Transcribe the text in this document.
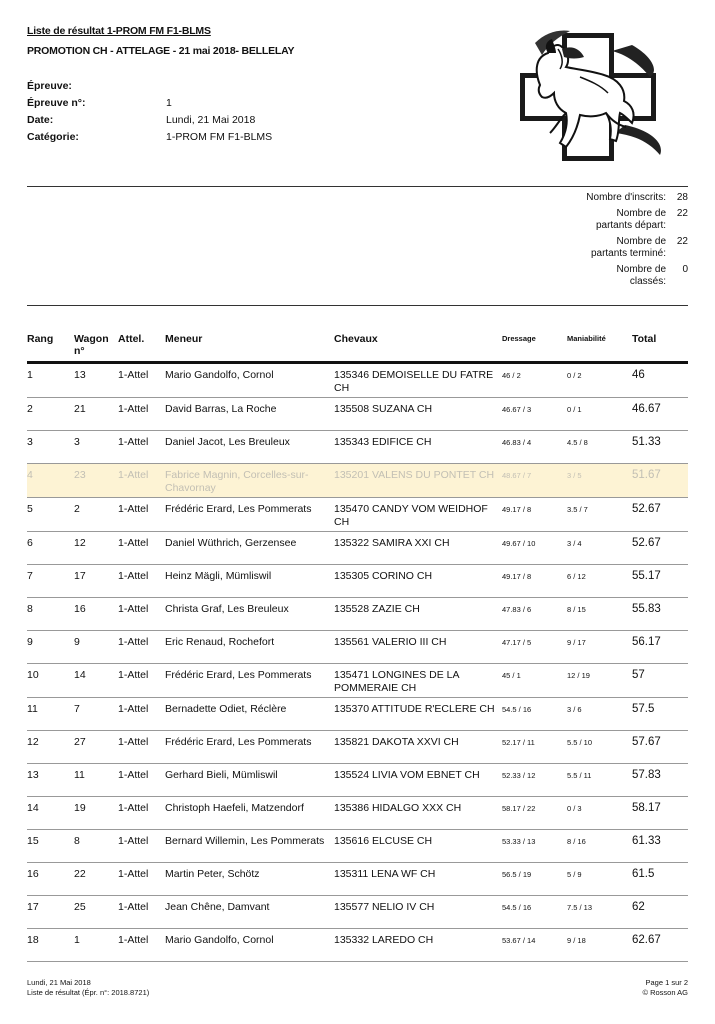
Liste de résultat 1-PROM FM F1-BLMS
PROMOTION CH - ATTELAGE - 21 mai 2018- BELLELAY
Épreuve:
Épreuve n°:	1
Date:	Lundi, 21 Mai 2018
Catégorie:	1-PROM FM F1-BLMS
Nombre d'inscrits:	28
Nombre de partants départ:
22
Nombre de partants terminé:
22
Nombre de classés:
0
Rang	Wagon n°	Attel.	Meneur	Chevaux	Dressage	Maniabilité	Total
1	13	1-Attel	Mario Gandolfo, Cornol	135346 DEMOISELLE DU FATRE CH	46 / 2	0 / 2	46
2	21	1-Attel	David Barras, La Roche	135508 SUZANA CH	46.67 / 3	0 / 1	46.67
3	3	1-Attel	Daniel Jacot, Les Breuleux	135343 EDIFICE CH	46.83 / 4	4.5 / 8	51.33
4	23	1-Attel	Fabrice Magnin, Corcelles-sur-Chavornay	135201 VALENS DU PONTET CH	48.67 / 7	3 / 5	51.67
5	2	1-Attel	Frédéric Erard, Les Pommerats	135470 CANDY VOM WEIDHOF CH	49.17 / 8	3.5 / 7	52.67
6	12	1-Attel	Daniel Wüthrich, Gerzensee	135322 SAMIRA XXI CH	49.67 / 10	3 / 4	52.67
7	17	1-Attel	Heinz Mägli, Mümliswil	135305 CORINO CH	49.17 / 8	6 / 12	55.17
8	16	1-Attel	Christa Graf, Les Breuleux	135528 ZAZIE CH	47.83 / 6	8 / 15	55.83
9	9	1-Attel	Eric Renaud, Rochefort	135561 VALERIO III CH	47.17 / 5	9 / 17	56.17
10	14	1-Attel	Frédéric Erard, Les Pommerats	135471 LONGINES DE LA POMMERAIE CH	45 / 1	12 / 19	57
11	7	1-Attel	Bernadette Odiet, Réclère	135370 ATTITUDE R'ECLERE CH	54.5 / 16	3 / 6	57.5
12	27	1-Attel	Frédéric Erard, Les Pommerats	135821 DAKOTA XXVI CH	52.17 / 11	5.5 / 10	57.67
13	11	1-Attel	Gerhard Bieli, Mümliswil	135524 LIVIA VOM EBNET CH	52.33 / 12	5.5 / 11	57.83
14	19	1-Attel	Christoph Haefeli, Matzendorf	135386 HIDALGO XXX CH	58.17 / 22	0 / 3	58.17
15	8	1-Attel	Bernard Willemin, Les Pommerats	135616 ELCUSE CH	53.33 / 13	8 / 16	61.33
16	22	1-Attel	Martin Peter, Schötz	135311 LENA WF CH	56.5 / 19	5 / 9	61.5
17	25	1-Attel	Jean Chêne, Damvant	135577 NELIO IV CH	54.5 / 16	7.5 / 13	62
18	1	1-Attel	Mario Gandolfo, Cornol	135332 LAREDO CH	53.67 / 14	9 / 18	62.67
Lundi, 21 Mai 2018
Liste de résultat (Épr. n°: 2018.8721)
Page 1 sur 2
© Rosson AG
